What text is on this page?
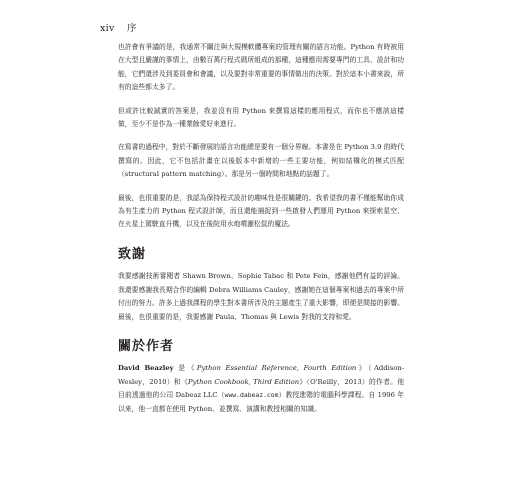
xiv 序

也許會有爭議的是，我通常不關注與大規模軟體專案的管理有關的語言功能。Python 有時被用在大型且嚴謹的事情上，由數百萬行程式碼所組成的那種，這種應用需要專門的工具、設計和功能，它們還涉及到委員會和會議，以及要對非常重要的事情做出的決策。對於這本小書來說，所有的這些都太多了。

但或許比較誠實的答案是，我並沒有用 Python 來撰寫這樣的應用程式，而你也不應該這樣做，至少不是作為一種業餘愛好來進行。

在寫書的過程中，對於不斷發展的語言功能總是要有一個分界線。本書是在 Python 3.9 的時代撰寫的。因此，它不包括計畫在以後版本中新增的一些主要功能，例如結構化的模式匹配（structural pattern matching）。那是另一個時間和地點的話題了。

最後，也很重要的是，我認為保持程式設計的趣味性是很關鍵的。我希望我的書不僅能幫助你成為有生產力的 Python 程式設計師，而且還能捕捉到一些啟發人們運用 Python 來探索星空、在火星上駕駛直升機，以及在後院用水炮噴灑松鼠的魔法。

致謝

我要感謝技術審閱者 Shawn Brown、Sophie Tabac 和 Pete Fein，感謝他們有益的評論。我還要感謝我長期合作的編輯 Debra Williams Cauley，感謝她在這個專案和過去的專案中所付出的努力。許多上過我課程的學生對本書所涉及的主題產生了重大影響，即便是間接的影響。最後，也很重要的是，我要感謝 Paula、Thomas 與 Lewis 對我的支持和愛。

關於作者

David Beazley 是《Python Essential Reference, Fourth Edition》（Addison-Wesley，2010）和《Python Cookbook, Third Edition》（O'Reilly，2013）的作者。他目前透過他的公司 Dabeaz LLC（www.dabeaz.com）教授進階的電腦科學課程。自 1996 年以來，他一直都在使用 Python、並撰寫、演講和教授相關的知識。
